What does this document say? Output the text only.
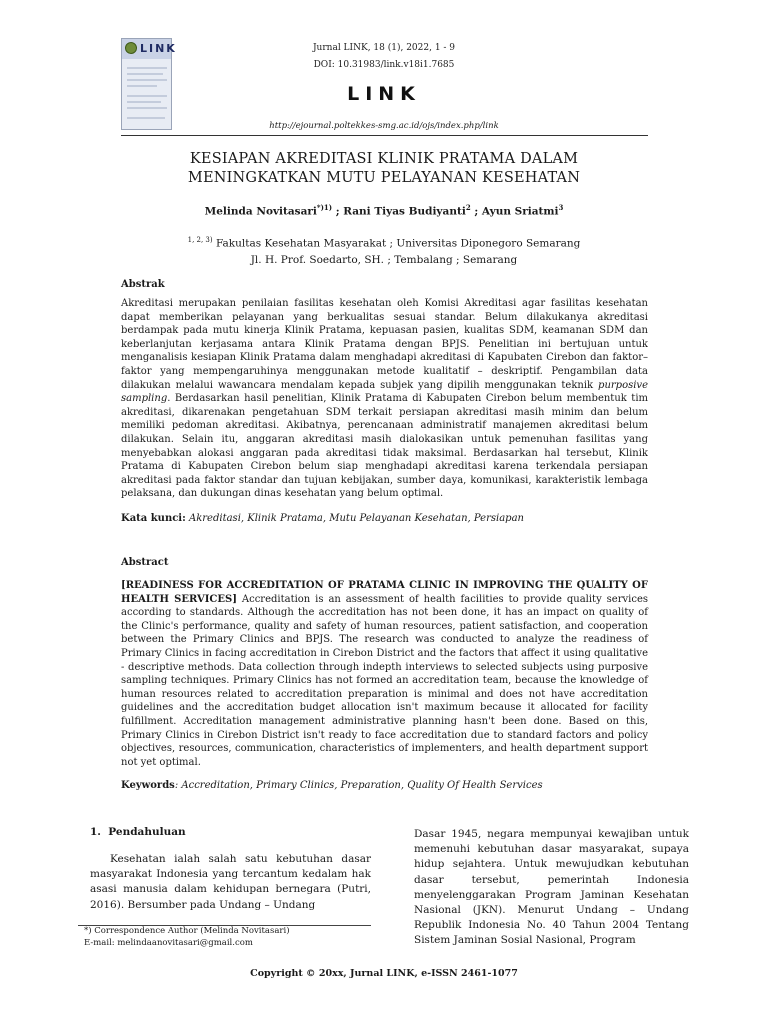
LINK	Jurnal LINK, 18 (1), 2022, 1 - 9
DOI: 10.31983/link.v18i1.7685
LINK
http://ejournal.poltekkes-smg.ac.id/ojs/index.php/link
KESIAPAN AKREDITASI KLINIK PRATAMA DALAM
MENINGKATKAN MUTU PELAYANAN KESEHATAN
Melinda Novitasari$^{*)1)}$ ; Rani Tiyas Budiyanti$^2$ ; Ayun Sriatmi$^3$
$^{1, 2, 3)}$ Fakultas Kesehatan Masyarakat ; Universitas Diponegoro Semarang
Jl. H. Prof. Soedarto, SH. ; Tembalang ; Semarang
Abstrak
Akreditasi merupakan penilaian fasilitas kesehatan oleh Komisi Akreditasi agar fasilitas kesehatan dapat memberikan pelayanan yang berkualitas sesuai standar. Belum dilakukanya akreditasi berdampak pada mutu kinerja Klinik Pratama, kepuasan pasien, kualitas SDM, keamanan SDM dan keberlanjutan kerjasama antara Klinik Pratama dengan BPJS. Penelitian ini bertujuan untuk menganalisis kesiapan Klinik Pratama dalam menghadapi akreditasi di Kapubaten Cirebon dan faktor–faktor yang mempengaruhinya menggunakan metode kualitatif – deskriptif. Pengambilan data dilakukan melalui wawancara mendalam kepada subjek yang dipilih menggunakan teknik purposive sampling. Berdasarkan hasil penelitian, Klinik Pratama di Kabupaten Cirebon belum membentuk tim akreditasi, dikarenakan pengetahuan SDM terkait persiapan akreditasi masih minim dan belum memiliki pedoman akreditasi. Akibatnya, perencanaan administratif manajemen akreditasi belum dilakukan. Selain itu, anggaran akreditasi masih dialokasikan untuk pemenuhan fasilitas yang menyebabkan alokasi anggaran pada akreditasi tidak maksimal. Berdasarkan hal tersebut, Klinik Pratama di Kabupaten Cirebon belum siap menghadapi akreditasi karena terkendala persiapan akreditasi pada faktor standar dan tujuan kebijakan, sumber daya, komunikasi, karakteristik lembaga pelaksana, dan dukungan dinas kesehatan yang belum optimal.
Kata kunci: Akreditasi, Klinik Pratama, Mutu Pelayanan Kesehatan, Persiapan
Abstract
[READINESS FOR ACCREDITATION OF PRATAMA CLINIC IN IMPROVING THE QUALITY OF HEALTH SERVICES] Accreditation is an assessment of health facilities to provide quality services according to standards. Although the accreditation has not been done, it has an impact on quality of the Clinic's performance, quality and safety of human resources, patient satisfaction, and cooperation between the Primary Clinics and BPJS. The research was conducted to analyze the readiness of Primary Clinics in facing accreditation in Cirebon District and the factors that affect it using qualitative - descriptive methods. Data collection through indepth interviews to selected subjects using purposive sampling techniques. Primary Clinics has not formed an accreditation team, because the knowledge of human resources related to accreditation preparation is minimal and does not have accreditation guidelines and the accreditation budget allocation isn't maximum because it allocated for facility fulfillment. Accreditation management administrative planning hasn't been done. Based on this, Primary Clinics in Cirebon District isn't ready to face accreditation due to standard factors and policy objectives, resources, communication, characteristics of implementers, and health department support not yet optimal.
Keywords: Accreditation, Primary Clinics, Preparation, Quality Of Health Services
1. Pendahuluan
Kesehatan ialah salah satu kebutuhan dasar masyarakat Indonesia yang tercantum kedalam hak asasi manusia dalam kehidupan bernegara (Putri, 2016). Bersumber pada Undang – Undang
Dasar 1945, negara mempunyai kewajiban untuk memenuhi kebutuhan dasar masyarakat, supaya hidup sejahtera. Untuk mewujudkan kebutuhan dasar tersebut, pemerintah Indonesia menyelenggarakan Program Jaminan Kesehatan Nasional (JKN). Menurut Undang – Undang Republik Indonesia No. 40 Tahun 2004 Tentang Sistem Jaminan Sosial Nasional, Program
*) Correspondence Author (Melinda Novitasari)
E-mail: melindaanovitasari@gmail.com
Copyright © 20xx, Jurnal LINK, e-ISSN 2461-1077
